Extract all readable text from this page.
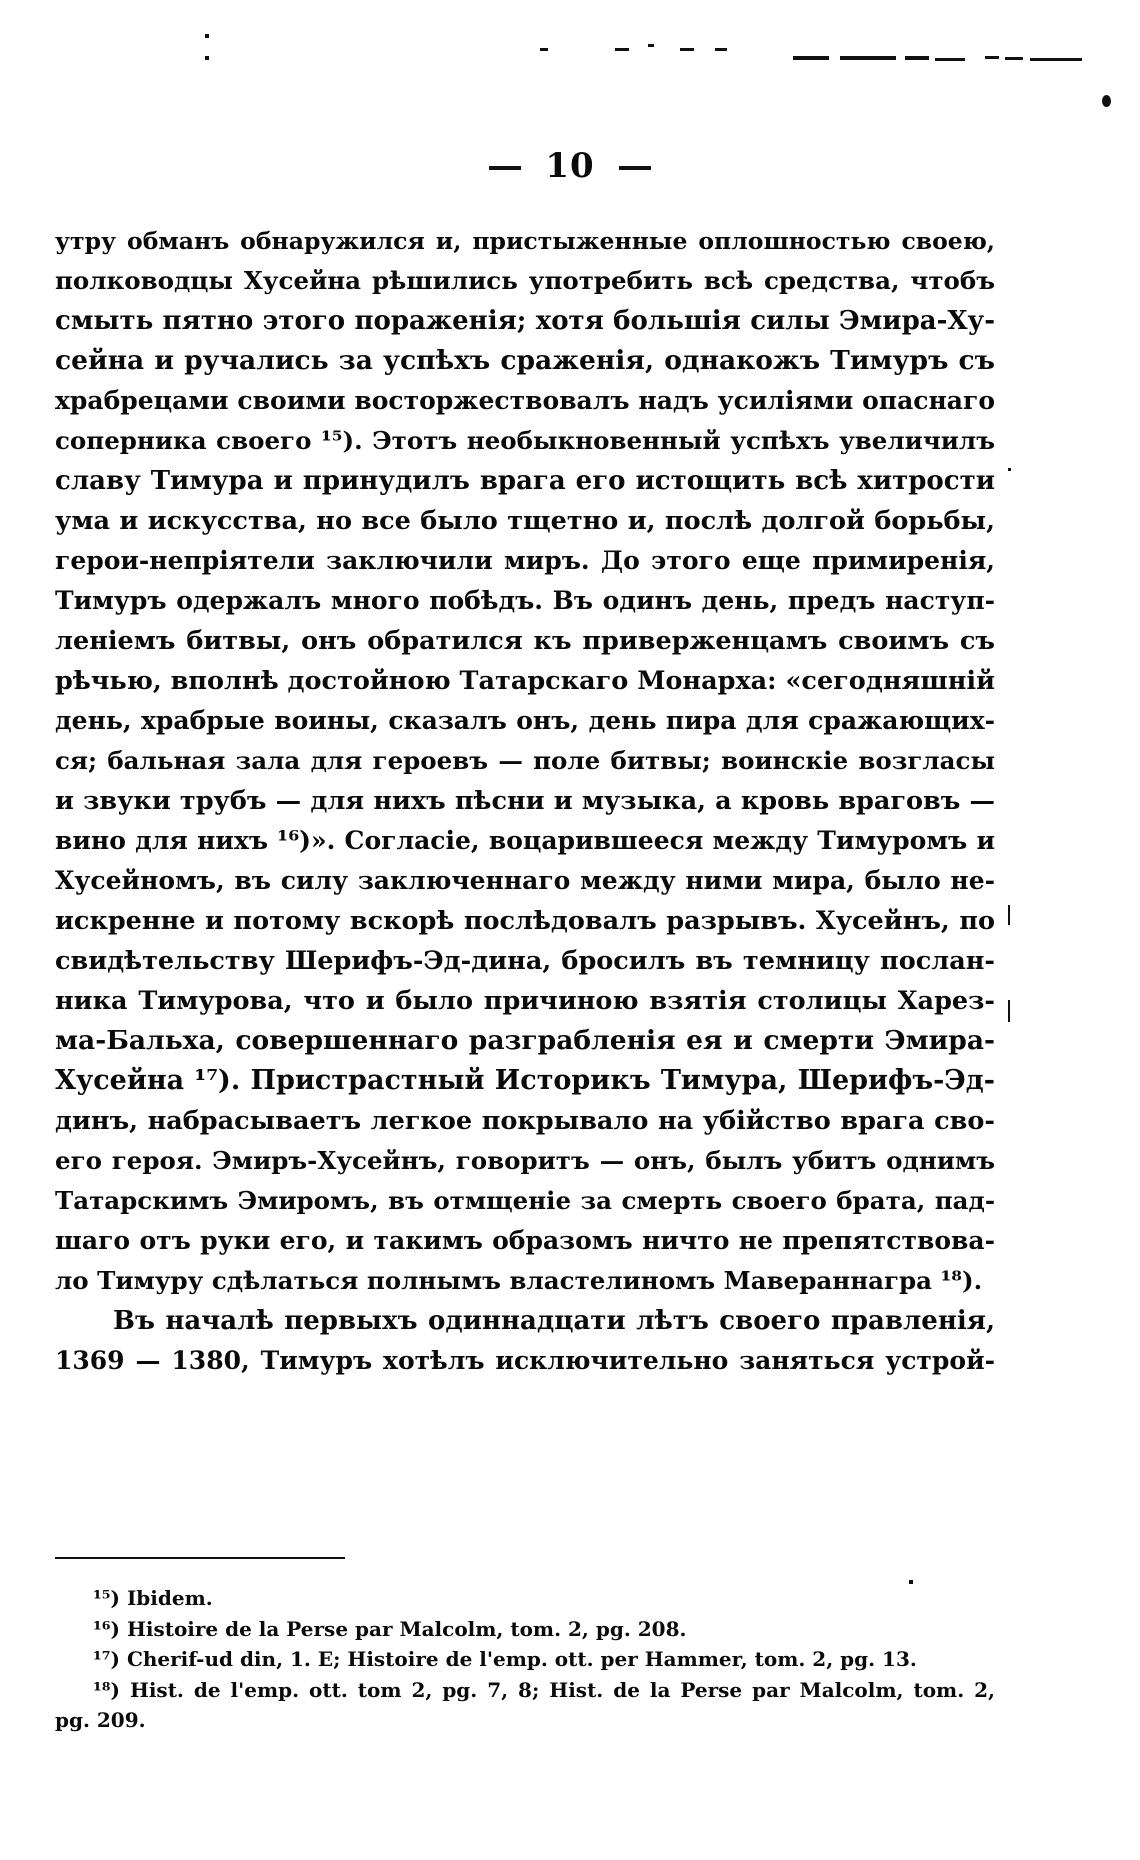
10
утру обманъ обнаружился и, пристыженные оплошностью своею,
полководцы Хусейна рѣшились употребить всѣ средства, чтобъ
смыть пятно этого пораженія; хотя большія силы Эмира-Ху-
сейна и ручались за успѣхъ сраженія, однакожъ Тимуръ съ
храбрецами своими восторжествовалъ надъ усиліями опаснаго
соперника своего ¹⁵). Этотъ необыкновенный успѣхъ увеличилъ
славу Тимура и принудилъ врага его истощить всѣ хитрости
ума и искусства, но все было тщетно и, послѣ долгой борьбы,
герои-непріятели заключили миръ. До этого еще примиренія,
Тимуръ одержалъ много побѣдъ. Въ одинъ день, предъ наступ-
леніемъ битвы, онъ обратился къ приверженцамъ своимъ съ
рѣчью, вполнѣ достойною Татарскаго Монарха: «сегодняшній
день, храбрые воины, сказалъ онъ, день пира для сражающих-
ся; бальная зала для героевъ — поле битвы; воинскіе возгласы
и звуки трубъ — для нихъ пѣсни и музыка, а кровь враговъ —
вино для нихъ ¹⁶)». Согласіе, воцарившееся между Тимуромъ и
Хусейномъ, въ силу заключеннаго между ними мира, было не-
искренне и потому вскорѣ послѣдовалъ разрывъ. Хусейнъ, по
свидѣтельству Шерифъ-Эд-дина, бросилъ въ темницу послан-
ника Тимурова, что и было причиною взятія столицы Харез-
ма-Бальха, совершеннаго разграбленія ея и смерти Эмира-
Хусейна ¹⁷). Пристрастный Историкъ Тимура, Шерифъ-Эд-
динъ, набрасываетъ легкое покрывало на убійство врага сво-
его героя. Эмиръ-Хусейнъ, говоритъ — онъ, былъ убитъ однимъ
Татарскимъ Эмиромъ, въ отмщеніе за смерть своего брата, пад-
шаго отъ руки его, и такимъ образомъ ничто не препятствова-
ло Тимуру сдѣлаться полнымъ властелиномъ Мавераннагра ¹⁸).
Въ началѣ первыхъ одиннадцати лѣтъ своего правленія,
1369 — 1380, Тимуръ хотѣлъ исключительно заняться устрой-
¹⁵) Ibidem.
¹⁶) Histoire de la Perse par Malcolm, tom. 2, pg. 208.
¹⁷) Cherif-ud din, 1. E; Histoire de l'emp. ott. per Hammer, tom. 2, pg. 13.
¹⁸) Hist. de l'emp. ott. tom 2, pg. 7, 8; Hist. de la Perse par Malcolm, tom. 2,
pg. 209.
